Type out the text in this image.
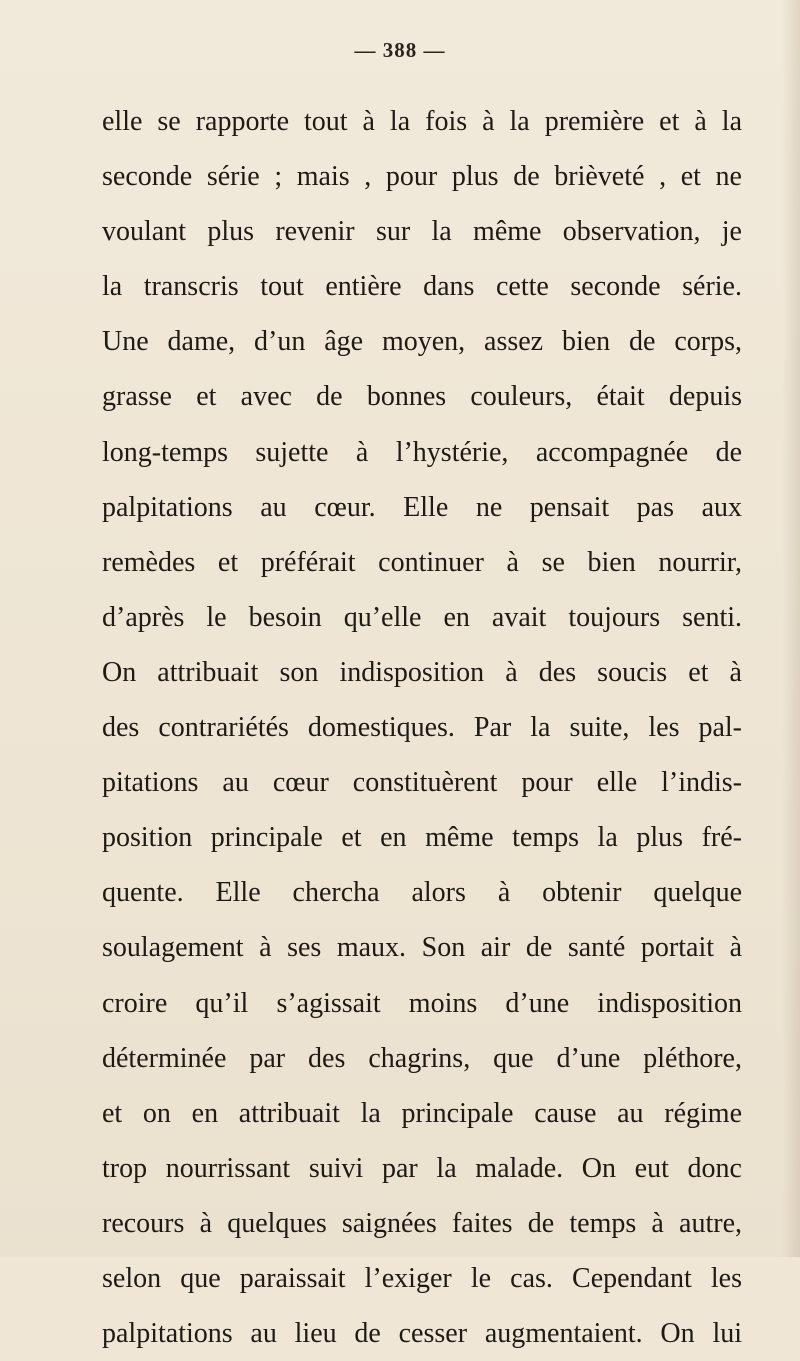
— 388 —
elle se rapporte tout à la fois à la première et à la
seconde série ; mais , pour plus de brièveté , et ne
voulant plus revenir sur la même observation, je
la transcris tout entière dans cette seconde série.
Une dame, d’un âge moyen, assez bien de corps,
grasse et avec de bonnes couleurs, était depuis
long-temps sujette à l’hystérie, accompagnée de
palpitations au cœur. Elle ne pensait pas aux
remèdes et préférait continuer à se bien nourrir,
d’après le besoin qu’elle en avait toujours senti.
On attribuait son indisposition à des soucis et à
des contrariétés domestiques. Par la suite, les pal-
pitations au cœur constituèrent pour elle l’indis-
position principale et en même temps la plus fré-
quente. Elle chercha alors à obtenir quelque
soulagement à ses maux. Son air de santé portait à
croire qu’il s’agissait moins d’une indisposition
déterminée par des chagrins, que d’une pléthore,
et on en attribuait la principale cause au régime
trop nourrissant suivi par la malade. On eut donc
recours à quelques saignées faites de temps à autre,
selon que paraissait l’exiger le cas. Cependant les
palpitations au lieu de cesser augmentaient. On lui
